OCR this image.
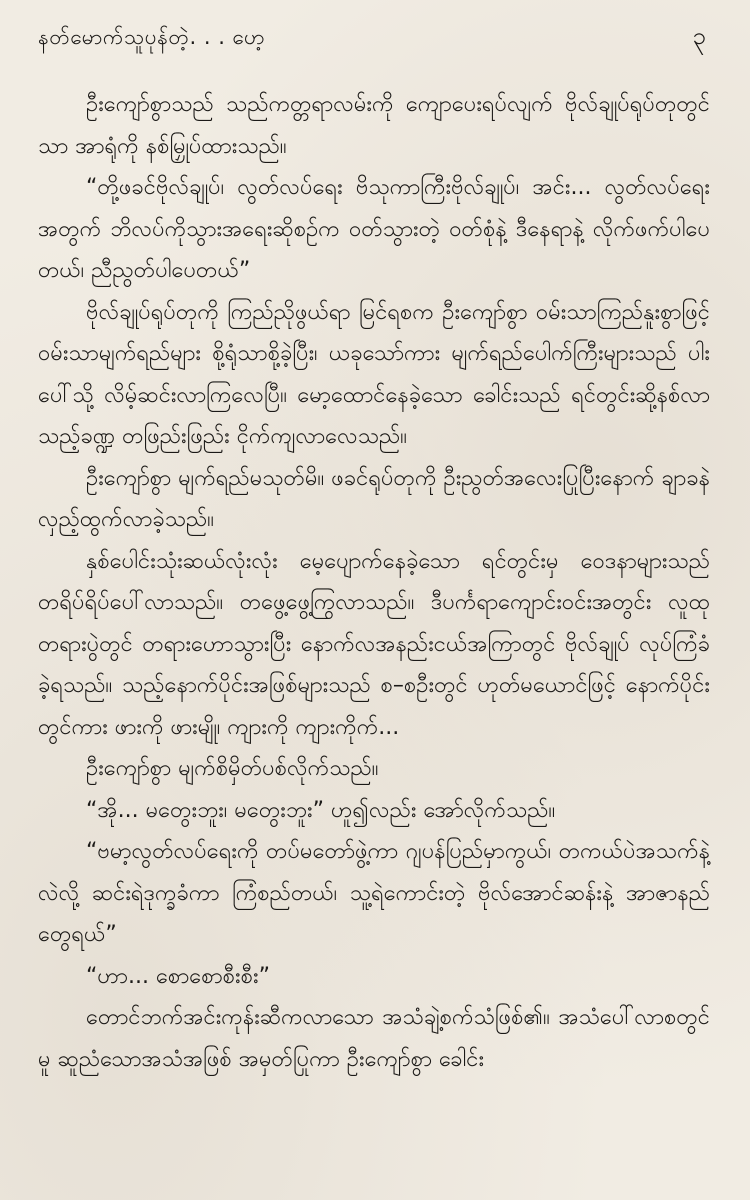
နတ်မောက်သူပုန်တဲ့. . . ဟေ့	၃

ဦးကျော်စွာသည် သည်ကတ္တရာလမ်းကို ကျောပေးရပ်လျက် ဗိုလ်ချုပ်ရုပ်တုတွင်သာ အာရုံကို နစ်မြှုပ်ထားသည်။

“တို့ဖခင်ဗိုလ်ချုပ်၊ လွတ်လပ်ရေး ဗိသုကာကြီးဗိုလ်ချုပ်၊ အင်း... လွတ်လပ်ရေးအတွက် ဘိလပ်ကိုသွားအရေးဆိုစဉ်က ဝတ်သွားတဲ့ ဝတ်စုံနဲ့ ဒီနေရာနဲ့ လိုက်ဖက်ပါပေတယ်၊ ညီညွတ်ပါပေတယ်”

ဗိုလ်ချုပ်ရုပ်တုကို ကြည်ညိုဖွယ်ရာ မြင်ရစက ဦးကျော်စွာ ဝမ်းသာကြည်နူးစွာဖြင့် ဝမ်းသာမျက်ရည်များ စို့ရုံသာစို့ခဲ့ပြီး၊ ယခုသော်ကား မျက်ရည်ပေါက်ကြီးများသည် ပါးပေါ်သို့ လိမ့်ဆင်းလာကြလေပြီ။ မော့ထောင်နေခဲ့သော ခေါင်းသည် ရင်တွင်းဆို့နစ်လာသည့်ခဏ္ဍ တဖြည်းဖြည်း ငိုက်ကျလာလေသည်။

ဦးကျော်စွာ မျက်ရည်မသုတ်မိ။ ဖခင်ရုပ်တုကို ဦးညွတ်အလေးပြုပြီးနောက် ချာခနဲလှည့်ထွက်လာခဲ့သည်။

နှစ်ပေါင်းသုံးဆယ်လုံးလုံး မေ့ပျောက်နေခဲ့သော ရင်တွင်းမှ ဝေဒနာများသည် တရိပ်ရိပ်ပေါ်လာသည်။ တဖွေ့ဖွေ့ကြွလာသည်။ ဒီပင်္ကရာကျောင်းဝင်းအတွင်း လူထုတရားပွဲတွင် တရားဟောသွားပြီး နောက်လအနည်းငယ်အကြာတွင် ဗိုလ်ချုပ် လုပ်ကြံခံခဲ့ရသည်။ သည့်နောက်ပိုင်းအဖြစ်များသည် စ–စဦးတွင် ဟုတ်မယောင်ဖြင့် နောက်ပိုင်းတွင်ကား ဖားကို ဖားမျို၊ ကျားကို ကျားကိုက်...

ဦးကျော်စွာ မျက်စိမှိတ်ပစ်လိုက်သည်။

“အို... မတွေးဘူး၊ မတွေးဘူး” ဟူ၍လည်း အော်လိုက်သည်။

“ဗမာ့လွတ်လပ်ရေးကို တပ်မတော်ဖွဲ့ကာ ဂျပန်ပြည်မှာကွယ်၊ တကယ်ပဲအသက်နဲ့လဲလို့ ဆင်းရဲဒုက္ခခံကာ ကြံစည်တယ်၊ သူ့ရဲကောင်းတဲ့ ဗိုလ်အောင်ဆန်းနဲ့ အာဇာနည်တွေရယ်”

“ဟာ... စောစောစီးစီး”

တောင်ဘက်အင်းကုန်းဆီကလာသော အသံချဲ့စက်သံဖြစ်၏။ အသံပေါ်လာစတွင်မူ ဆူညံသောအသံအဖြစ် အမှတ်ပြုကာ ဦးကျော်စွာ ခေါင်း
